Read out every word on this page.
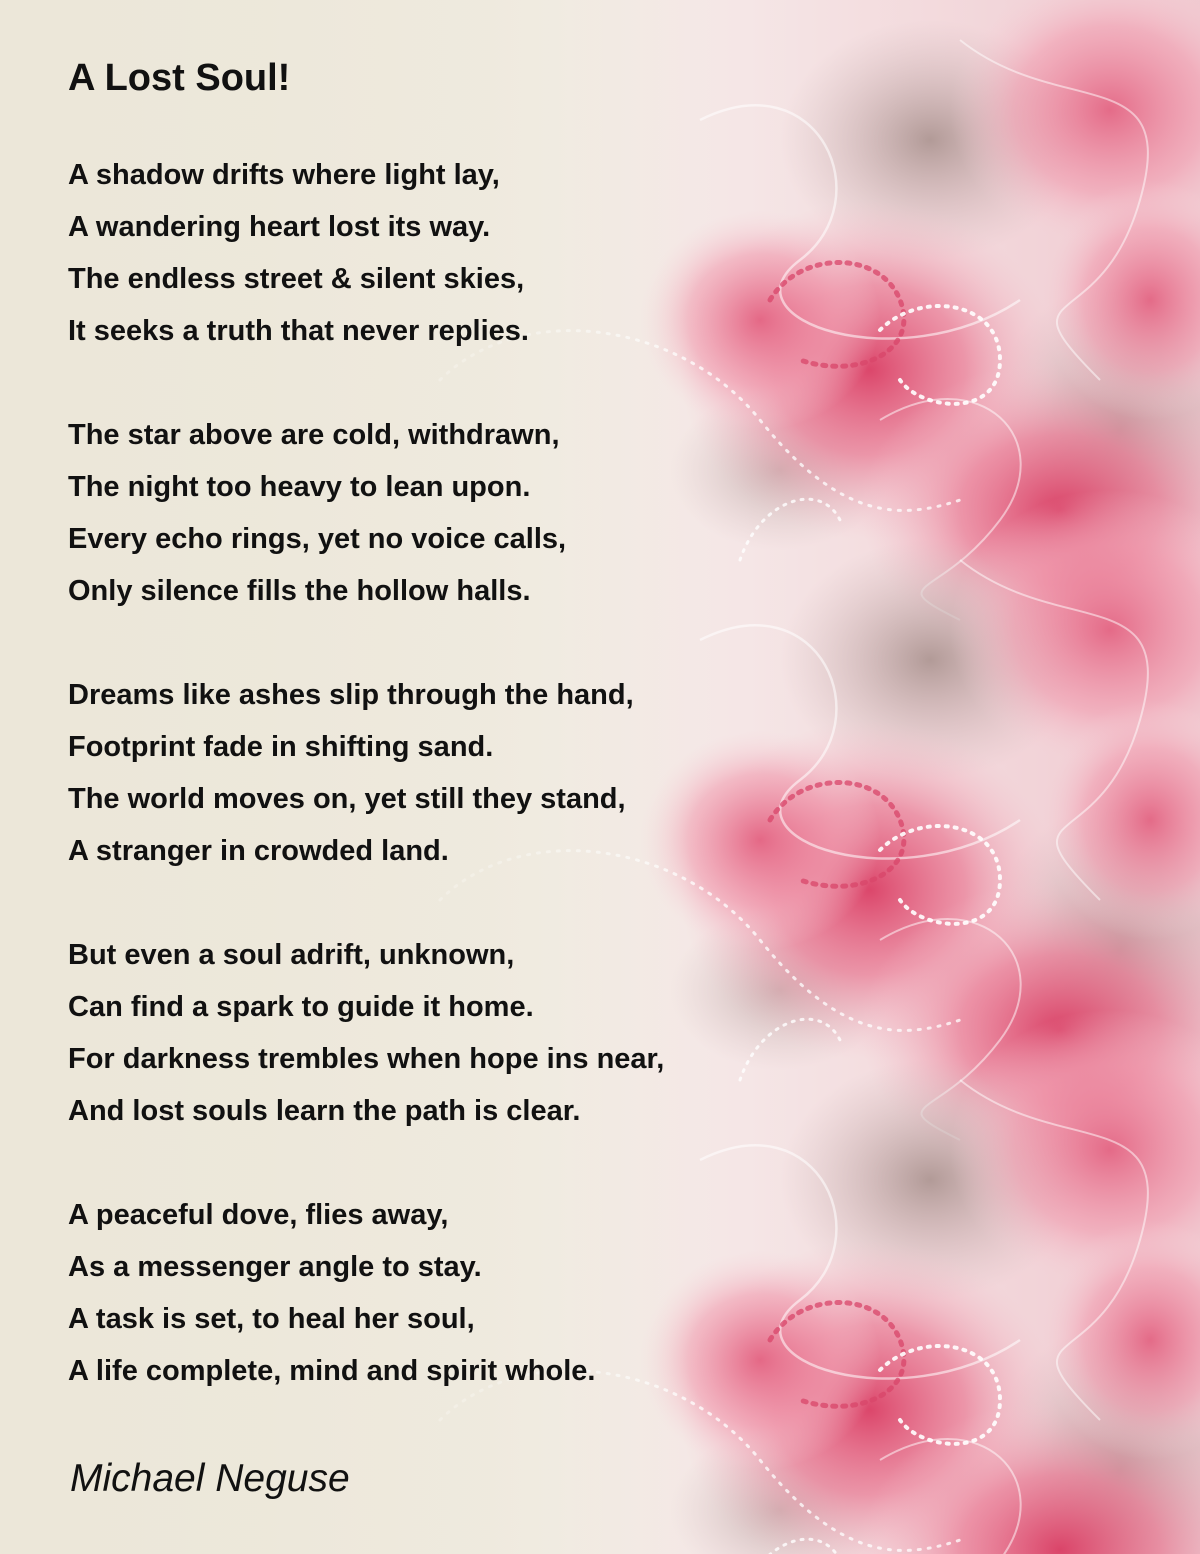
A Lost Soul!
A shadow drifts where light lay,
A wandering heart lost its way.
The endless street & silent skies,
It seeks a truth that never replies.
The star above are cold, withdrawn,
The night too heavy to lean upon.
Every echo rings, yet no voice calls,
Only silence fills the hollow halls.
Dreams like ashes slip through the hand,
Footprint fade in shifting sand.
The world moves on, yet still they stand,
A stranger in crowded land.
But even a soul adrift, unknown,
Can find a spark to guide it home.
For darkness trembles when hope ins near,
And lost souls learn the path is clear.
A peaceful dove, flies away,
As a messenger angle to stay.
A task is set, to heal her soul,
A life complete, mind and spirit whole.
Michael Neguse
